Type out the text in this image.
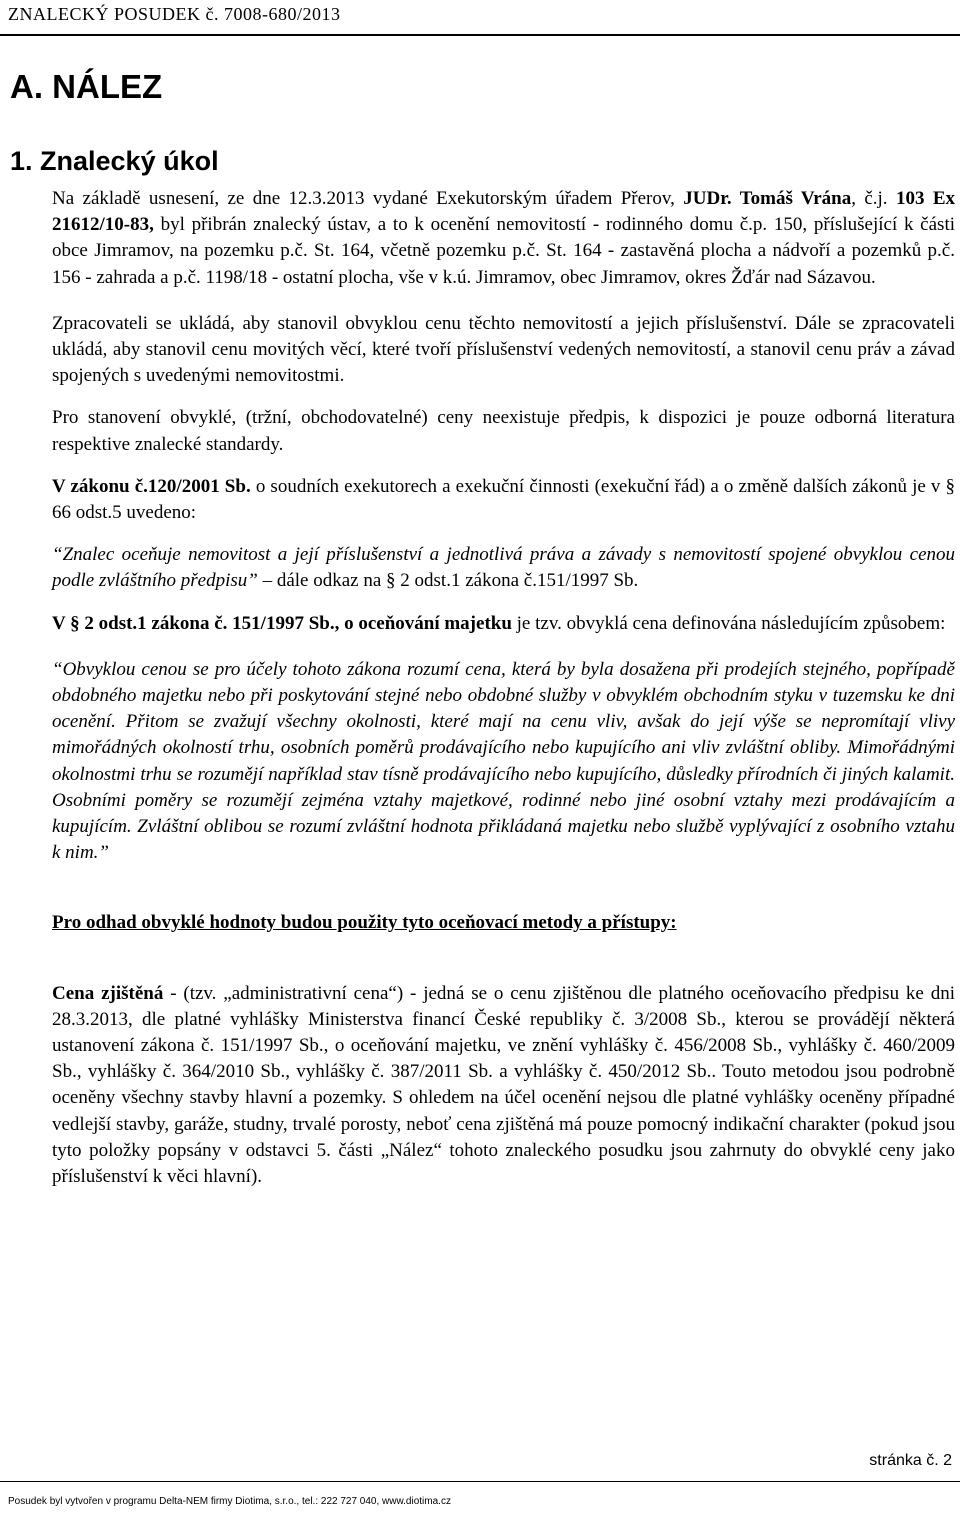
ZNALECKÝ POSUDEK č. 7008-680/2013
A. NÁLEZ
1. Znalecký úkol

Na základě usnesení, ze dne 12.3.2013 vydané Exekutorským úřadem Přerov, JUDr. Tomáš Vrána, č.j. 103 Ex 21612/10-83, byl přibrán znalecký ústav, a to k ocenění nemovitostí - rodinného domu č.p. 150, příslušející k části obce Jimramov, na pozemku p.č. St. 164, včetně pozemku p.č. St. 164 - zastavěná plocha a nádvoří a pozemků p.č. 156 - zahrada a p.č. 1198/18 - ostatní plocha, vše v k.ú. Jimramov, obec Jimramov, okres Žďár nad Sázavou.

Zpracovateli se ukládá, aby stanovil obvyklou cenu těchto nemovitostí a jejich příslušenství. Dále se zpracovateli ukládá, aby stanovil cenu movitých věcí, které tvoří příslušenství vedených nemovitostí, a stanovil cenu práv a závad spojených s uvedenými nemovitostmi.

Pro stanovení obvyklé, (tržní, obchodovatelné) ceny neexistuje předpis, k dispozici je pouze odborná literatura respektive znalecké standardy.

V zákonu č.120/2001 Sb. o soudních exekutorech a exekuční činnosti (exekuční řád) a o změně dalších zákonů je v § 66 odst.5 uvedeno:

“Znalec oceňuje nemovitost a její příslušenství a jednotlivá práva a závady s nemovitostí spojené obvyklou cenou podle zvláštního předpisu” – dále odkaz na § 2 odst.1 zákona č.151/1997 Sb.

V § 2 odst.1 zákona č. 151/1997 Sb., o oceňování majetku je tzv. obvyklá cena definována následujícím způsobem:

“Obvyklou cenou se pro účely tohoto zákona rozumí cena, která by byla dosažena při prodejích stejného, popřípadě obdobného majetku nebo při poskytování stejné nebo obdobné služby v obvyklém obchodním styku v tuzemsku ke dni ocenění. Přitom se zvažují všechny okolnosti, které mají na cenu vliv, avšak do její výše se nepromítají vlivy mimořádných okolností trhu, osobních poměrů prodávajícího nebo kupujícího ani vliv zvláštní obliby. Mimořádnými okolnostmi trhu se rozumějí například stav tísně prodávajícího nebo kupujícího, důsledky přírodních či jiných kalamit. Osobními poměry se rozumějí zejména vztahy majetkové, rodinné nebo jiné osobní vztahy mezi prodávajícím a kupujícím. Zvláštní oblibou se rozumí zvláštní hodnota přikládaná majetku nebo službě vyplývající z osobního vztahu k nim.”

Pro odhad obvyklé hodnoty budou použity tyto oceňovací metody a přístupy:

Cena zjištěná - (tzv. „administrativní cena“) - jedná se o cenu zjištěnou dle platného oceňovacího předpisu ke dni 28.3.2013, dle platné vyhlášky Ministerstva financí České republiky č. 3/2008 Sb., kterou se provádějí některá ustanovení zákona č. 151/1997 Sb., o oceňování majetku, ve znění vyhlášky č. 456/2008 Sb., vyhlášky č. 460/2009 Sb., vyhlášky č. 364/2010 Sb., vyhlášky č. 387/2011 Sb. a vyhlášky č. 450/2012 Sb.. Touto metodou jsou podrobně oceněny všechny stavby hlavní a pozemky. S ohledem na účel ocenění nejsou dle platné vyhlášky oceněny případné vedlejší stavby, garáže, studny, trvalé porosty, neboť cena zjištěná má pouze pomocný indikační charakter (pokud jsou tyto položky popsány v odstavci 5. části „Nález“ tohoto znaleckého posudku jsou zahrnuty do obvyklé ceny jako příslušenství k věci hlavní).

stránka č. 2
Posudek byl vytvořen v programu Delta-NEM firmy Diotima, s.r.o., tel.: 222 727 040, www.diotima.cz
